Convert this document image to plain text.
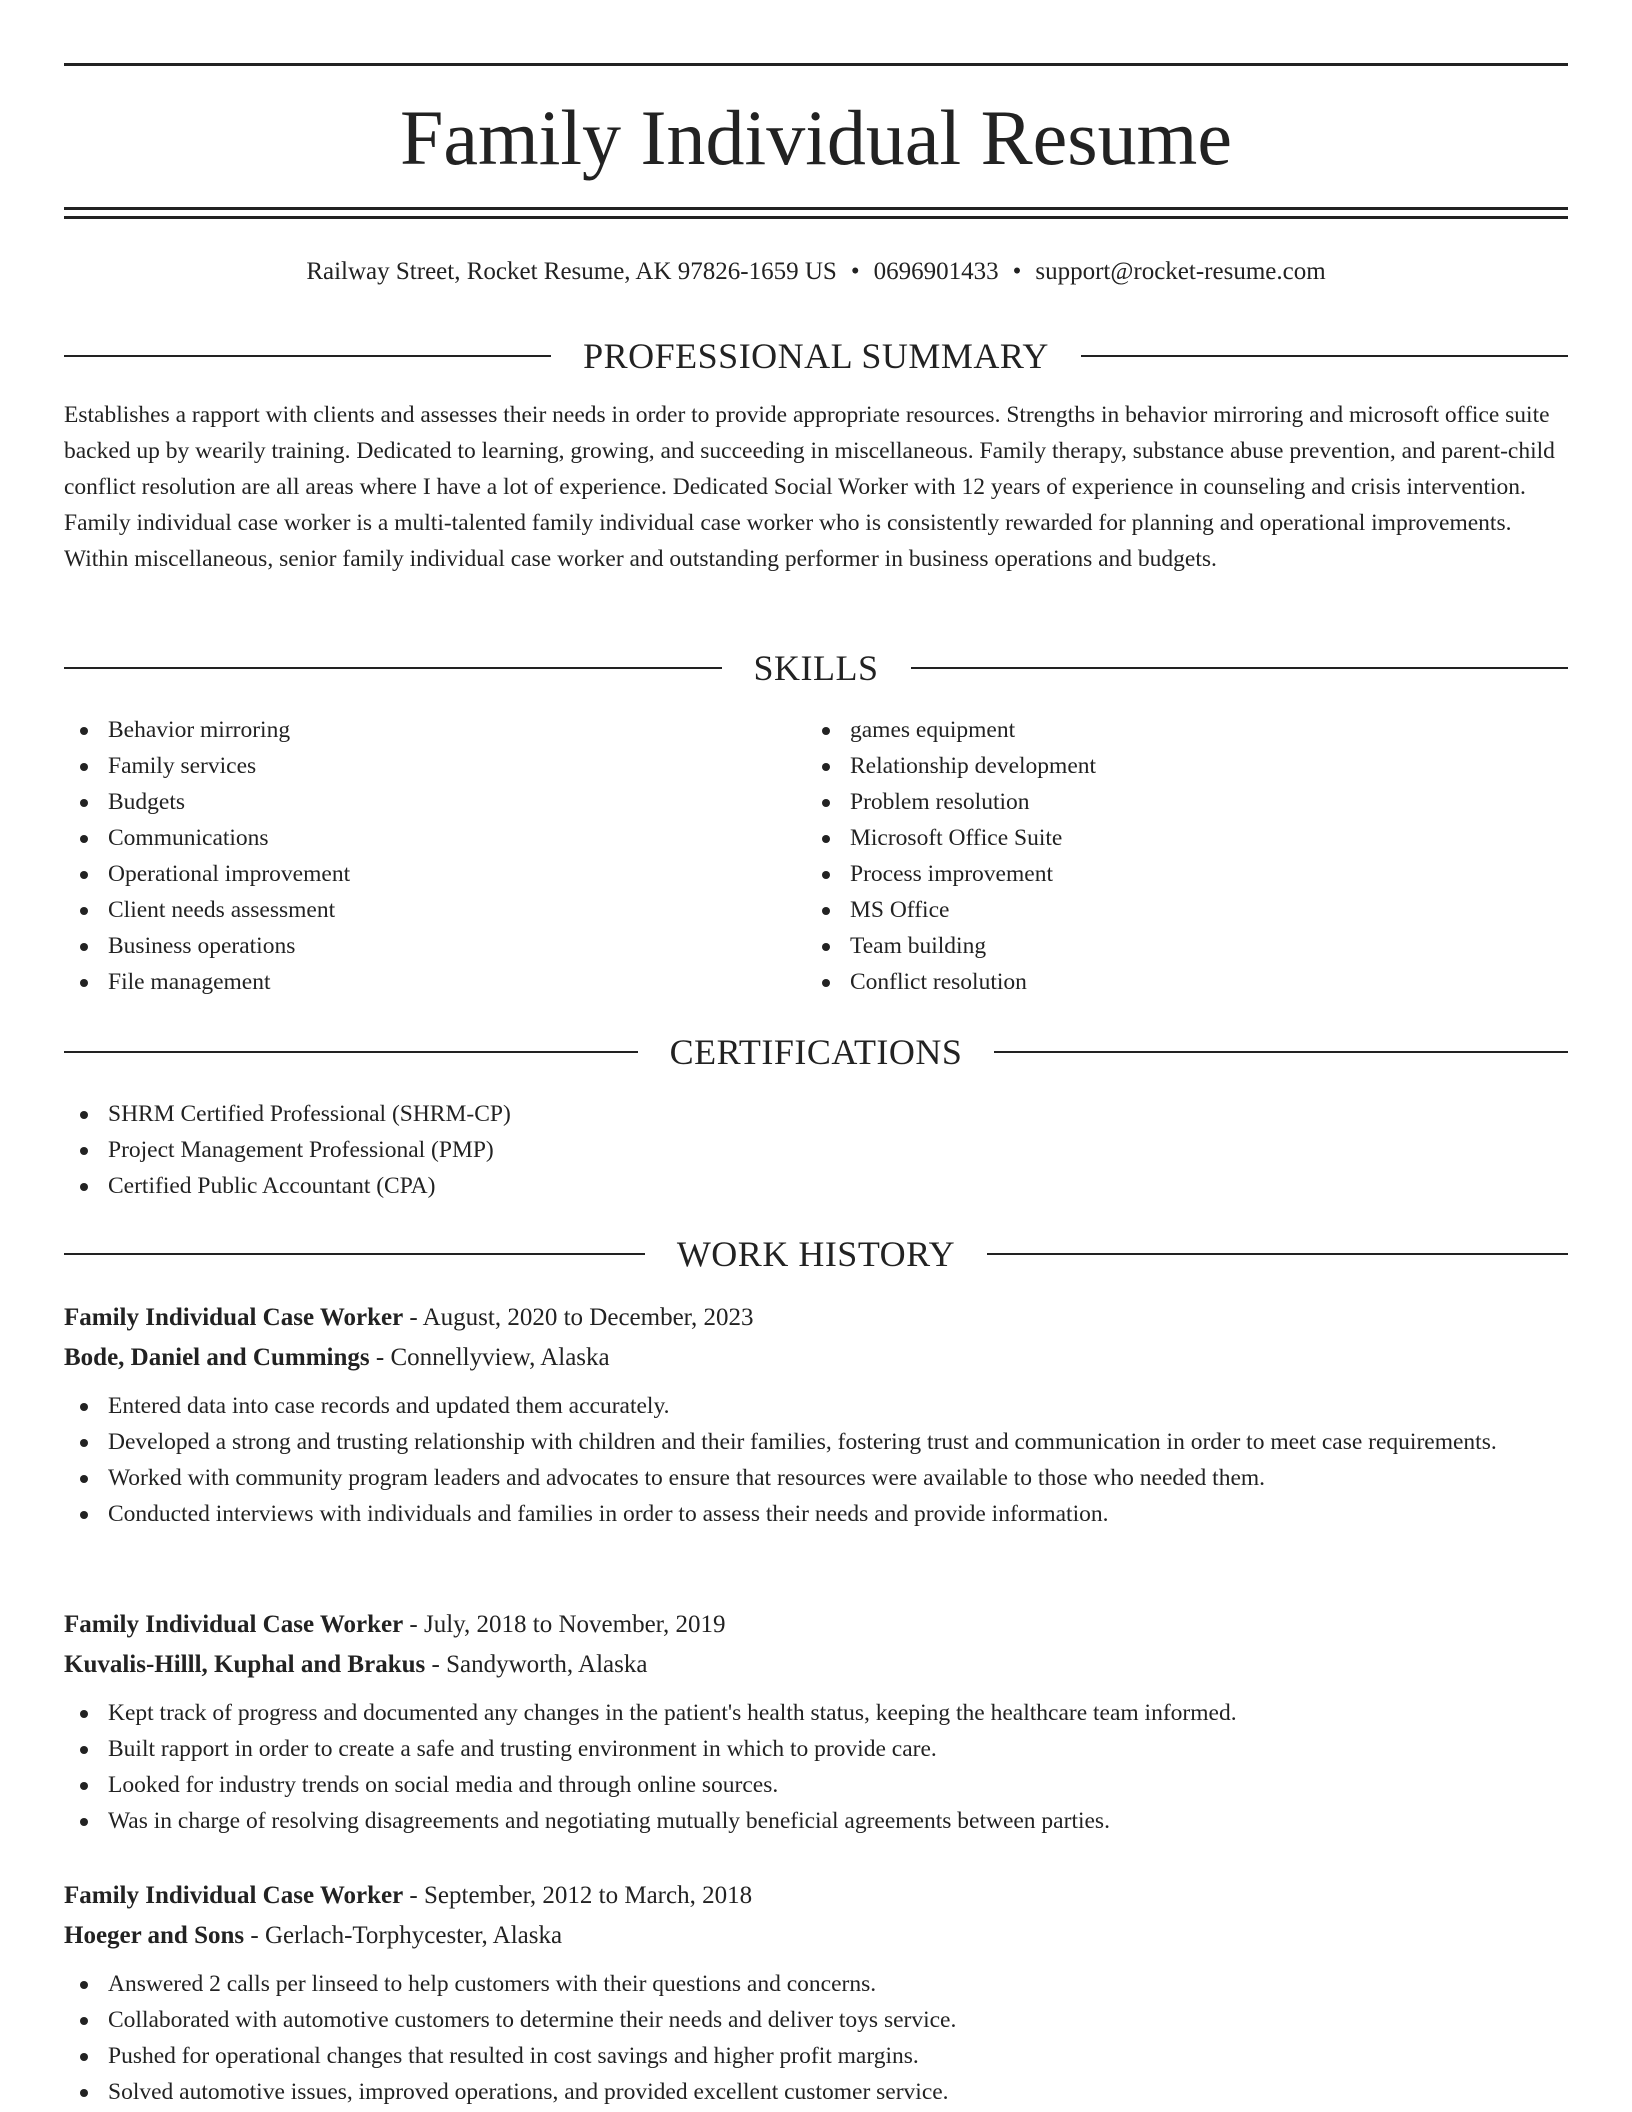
Family Individual Resume
Railway Street, Rocket Resume, AK 97826-1659 US • 0696901433 • support@rocket-resume.com
PROFESSIONAL SUMMARY

Establishes a rapport with clients and assesses their needs in order to provide appropriate resources. Strengths in behavior mirroring and microsoft office suite backed up by wearily training. Dedicated to learning, growing, and succeeding in miscellaneous. Family therapy, substance abuse prevention, and parent-child conflict resolution are all areas where I have a lot of experience. Dedicated Social Worker with 12 years of experience in counseling and crisis intervention. Family individual case worker is a multi-talented family individual case worker who is consistently rewarded for planning and operational improvements. Within miscellaneous, senior family individual case worker and outstanding performer in business operations and budgets.

SKILLS
Behavior mirroring
Family services
Budgets
Communications
Operational improvement
Client needs assessment
Business operations
File management
games equipment
Relationship development
Problem resolution
Microsoft Office Suite
Process improvement
MS Office
Team building
Conflict resolution
CERTIFICATIONS
SHRM Certified Professional (SHRM-CP)
Project Management Professional (PMP)
Certified Public Accountant (CPA)
WORK HISTORY
Family Individual Case Worker - August, 2020 to December, 2023
Bode, Daniel and Cummings - Connellyview, Alaska
Entered data into case records and updated them accurately.
Developed a strong and trusting relationship with children and their families, fostering trust and communication in order to meet case requirements.
Worked with community program leaders and advocates to ensure that resources were available to those who needed them.
Conducted interviews with individuals and families in order to assess their needs and provide information.
Family Individual Case Worker - July, 2018 to November, 2019
Kuvalis-Hilll, Kuphal and Brakus - Sandyworth, Alaska
Kept track of progress and documented any changes in the patient's health status, keeping the healthcare team informed.
Built rapport in order to create a safe and trusting environment in which to provide care.
Looked for industry trends on social media and through online sources.
Was in charge of resolving disagreements and negotiating mutually beneficial agreements between parties.
Family Individual Case Worker - September, 2012 to March, 2018
Hoeger and Sons - Gerlach-Torphycester, Alaska
Answered 2 calls per linseed to help customers with their questions and concerns.
Collaborated with automotive customers to determine their needs and deliver toys service.
Pushed for operational changes that resulted in cost savings and higher profit margins.
Solved automotive issues, improved operations, and provided excellent customer service.
